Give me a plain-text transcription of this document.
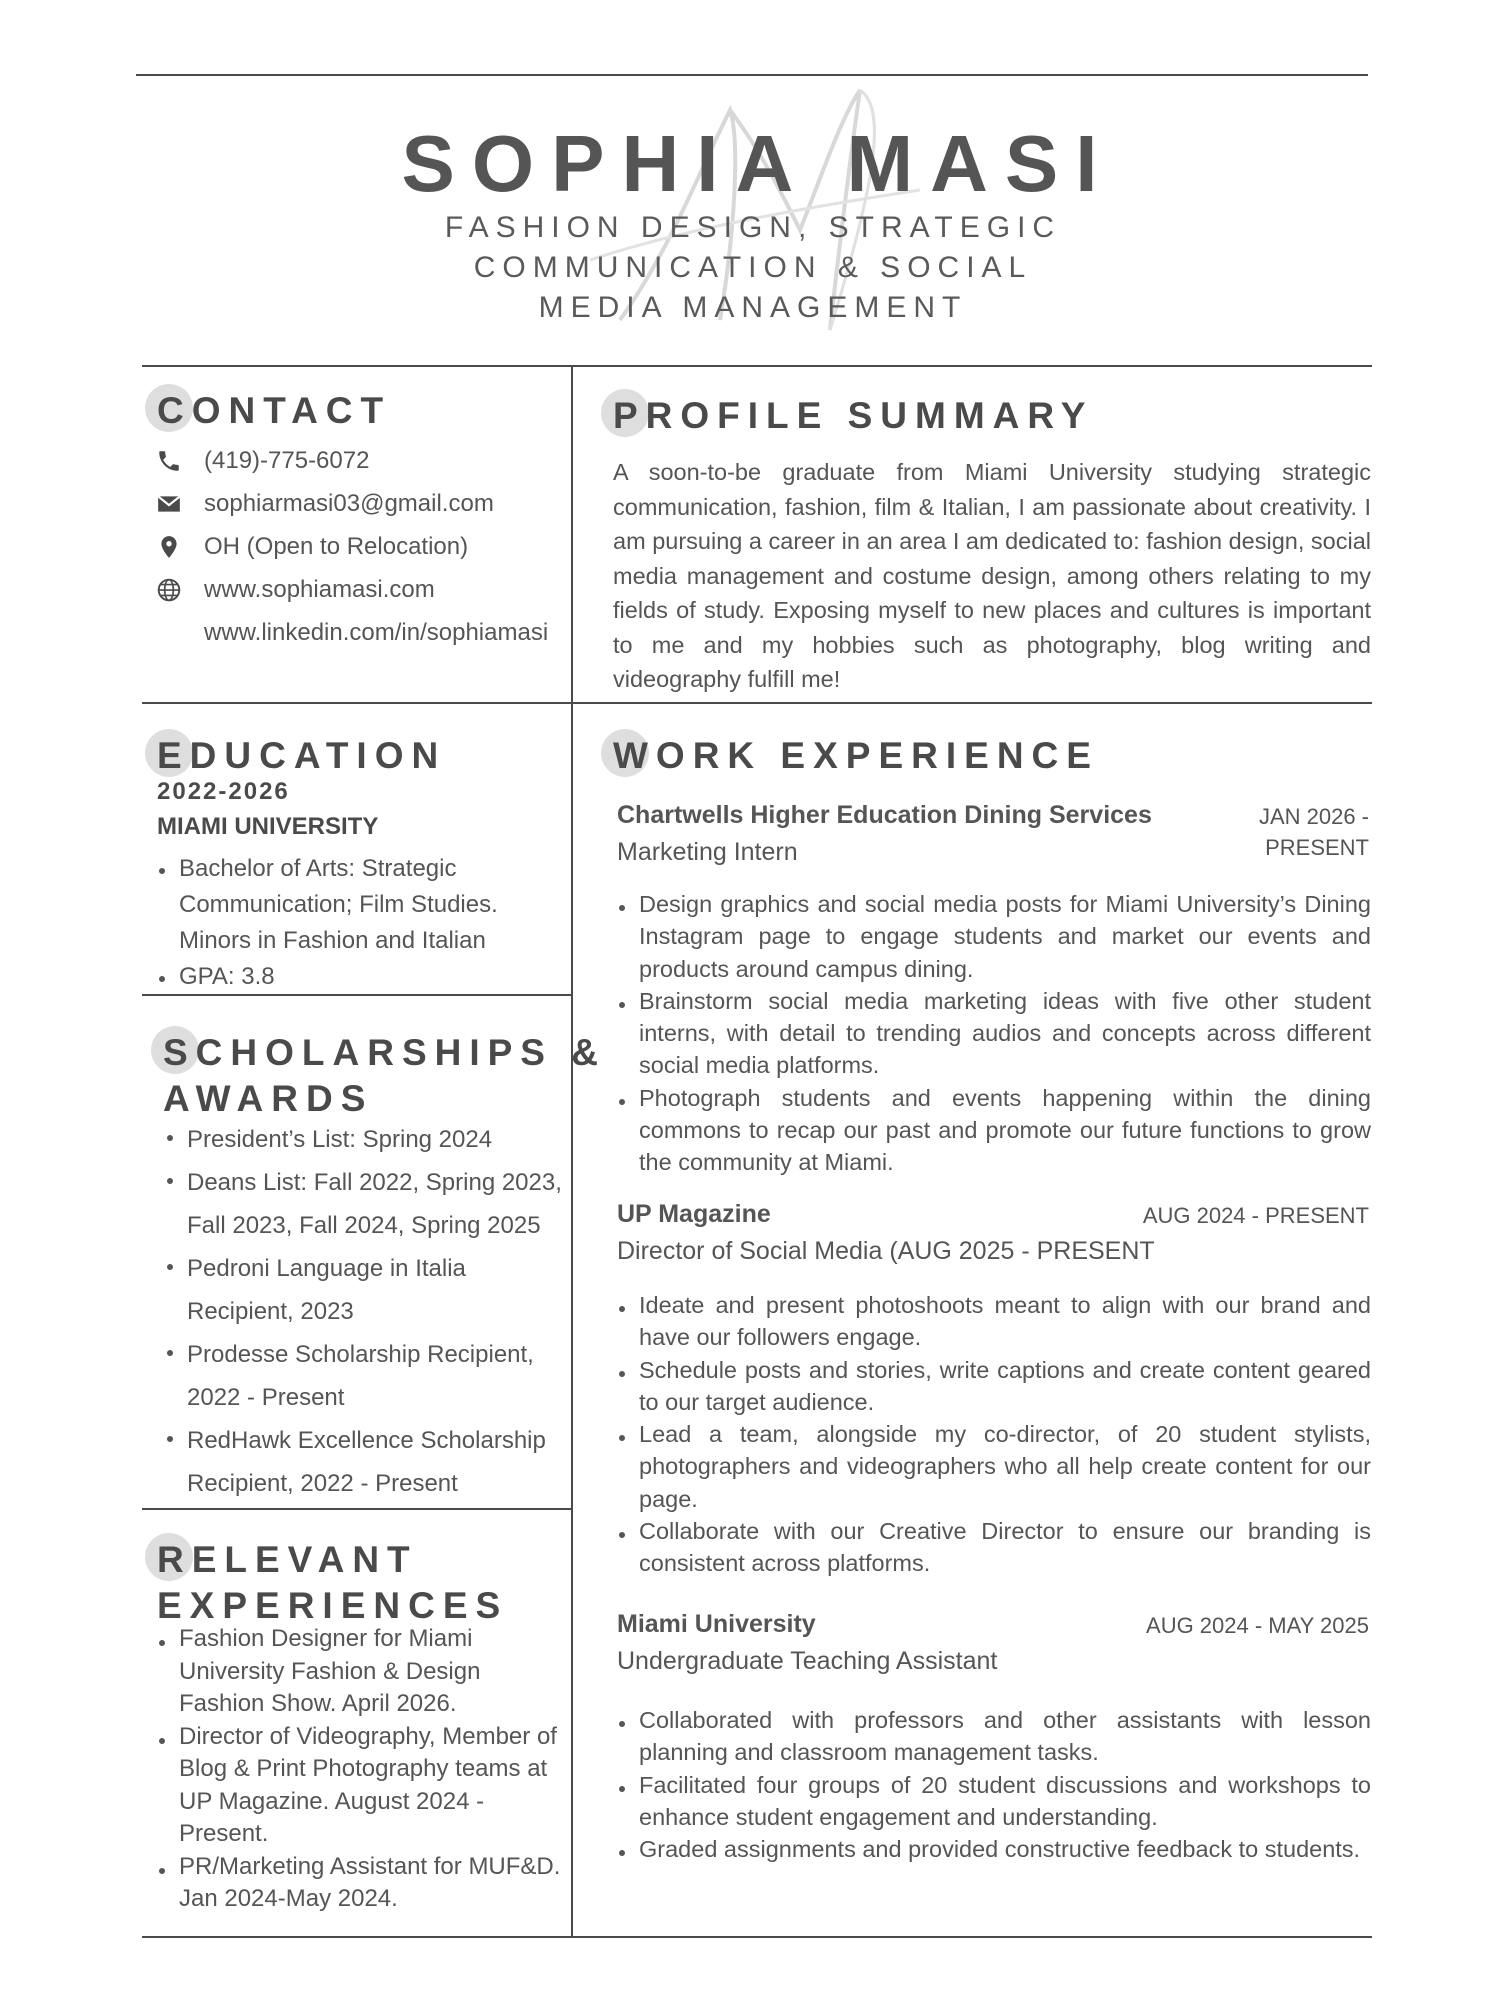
SOPHIA MASI
FASHION DESIGN, STRATEGIC
COMMUNICATION & SOCIAL
MEDIA MANAGEMENT
CONTACT
(419)-775-6072
sophiarmasi03@gmail.com
OH (Open to Relocation)
www.sophiamasi.com
www.linkedin.com/in/sophiamasi
PROFILE SUMMARY
A soon-to-be graduate from Miami University studying strategic communication, fashion, film & Italian, I am passionate about creativity. I am pursuing a career in an area I am dedicated to: fashion design, social media management and costume design, among others relating to my fields of study. Exposing myself to new places and cultures is important to me and my hobbies such as photography, blog writing and videography fulfill me!
EDUCATION
2022-2026
MIAMI UNIVERSITY
Bachelor of Arts: Strategic Communication; Film Studies. Minors in Fashion and Italian
GPA: 3.8
SCHOLARSHIPS &
AWARDS
President’s List: Spring 2024
Deans List: Fall 2022, Spring 2023, Fall 2023, Fall 2024, Spring 2025
Pedroni Language in Italia Recipient, 2023
Prodesse Scholarship Recipient, 2022 - Present
RedHawk Excellence Scholarship Recipient, 2022 - Present
RELEVANT
EXPERIENCES
Fashion Designer for Miami University Fashion & Design Fashion Show. April 2026.
Director of Videography, Member of Blog & Print Photography teams at UP Magazine. August 2024 - Present.
PR/Marketing Assistant for MUF&D. Jan 2024-May 2024.
WORK EXPERIENCE
Chartwells Higher Education Dining Services
Marketing Intern
JAN 2026 -
PRESENT
Design graphics and social media posts for Miami University’s Dining Instagram page to engage students and market our events and products around campus dining.
Brainstorm social media marketing ideas with five other student interns, with detail to trending audios and concepts across different social media platforms.
Photograph students and events happening within the dining commons to recap our past and promote our future functions to grow the community at Miami.
UP Magazine
Director of Social Media (AUG 2025 - PRESENT
AUG 2024 - PRESENT
Ideate and present photoshoots meant to align with our brand and have our followers engage.
Schedule posts and stories, write captions and create content geared to our target audience.
Lead a team, alongside my co-director, of 20 student stylists, photographers and videographers who all help create content for our page.
Collaborate with our Creative Director to ensure our branding is consistent across platforms.
Miami University
Undergraduate Teaching Assistant
AUG 2024 - MAY 2025
Collaborated with professors and other assistants with lesson planning and classroom management tasks.
Facilitated four groups of 20 student discussions and workshops to enhance student engagement and understanding.
Graded assignments and provided constructive feedback to students.
